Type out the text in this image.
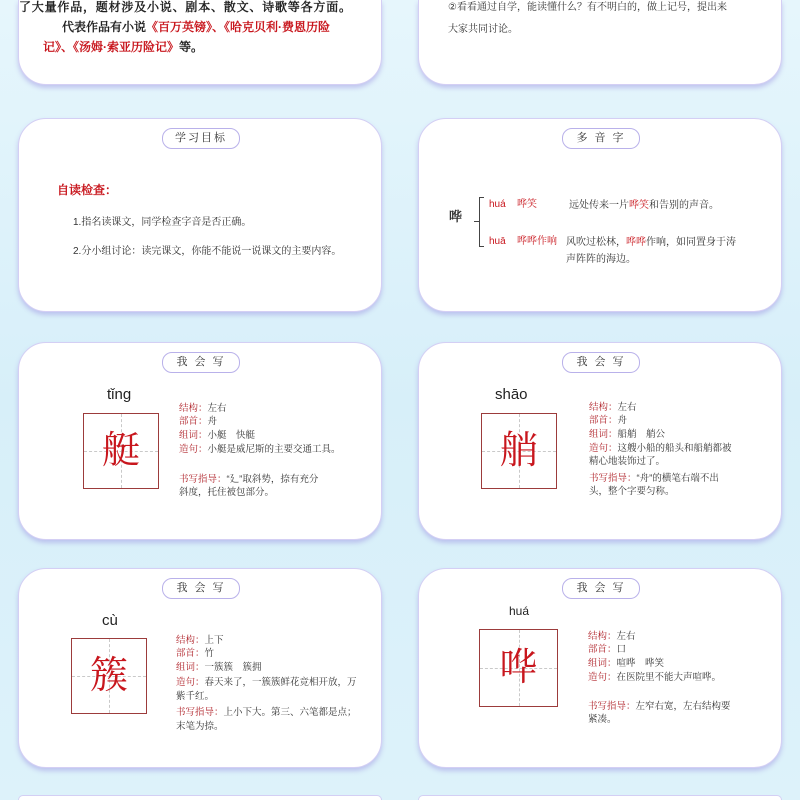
了大量作品，题材涉及小说、剧本、散文、诗歌等各方面。
代表作品有小说《百万英镑》、《哈克贝利·费恩历险
记》、《汤姆·索亚历险记》等。
②看看通过自学，能读懂什么？有不明白的，做上记号，提出来
大家共同讨论。
学习目标
自读检查：
1.指名读课文，同学检查字音是否正确。
2.分小组讨论：读完课文，你能不能说一说课文的主要内容。
多 音 字
哗
huá 哗笑	远处传来一片哗笑和告别的声音。
huā 哗哗作响 风吹过松林，哗哗作响，如同置身于涛
声阵阵的海边。
我 会 写
tǐng
艇
结构：左右
部首：舟
组词：小艇　快艇
造句：小艇是威尼斯的主要交通工具。
书写指导：“廴”取斜势，捺有充分
斜度，托住被包部分。
我 会 写
shāo
艄
结构：左右
部首：舟
组词：船艄　艄公
造句：这艘小船的船头和船艄都被
精心地装饰过了。
书写指导：“舟”的横笔右端不出
头，整个字要匀称。
我 会 写
cù
簇
结构：上下
部首：竹
组词：一簇簇　簇拥
造句：春天来了，一簇簇鲜花竞相开放，万
紫千红。
书写指导：上小下大。第三、六笔都是点；
末笔为捺。
我 会 写
huá
哗
结构：左右
部首：口
组词：喧哗　哗笑
造句：在医院里不能大声喧哗。
书写指导：左窄右宽，左右结构要
紧凑。
